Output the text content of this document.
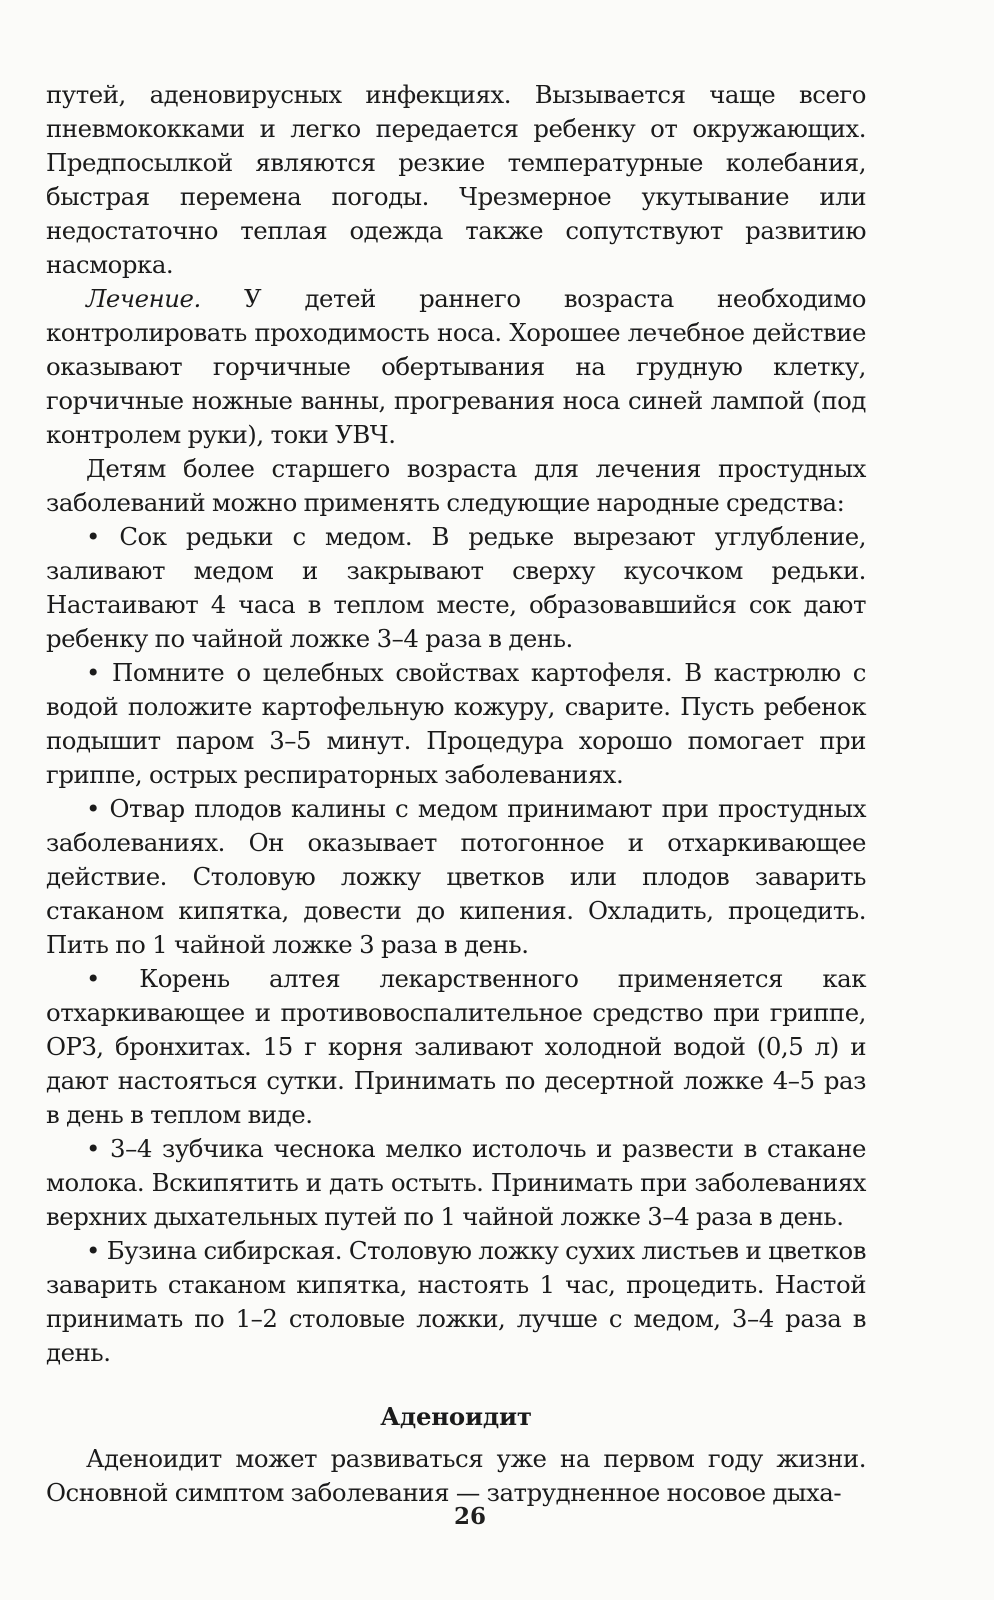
путей, аденовирусных инфекциях. Вызывается чаще всего пневмококками и легко передается ребенку от окружающих. Предпосылкой являются резкие температурные колебания, быстрая перемена погоды. Чрезмерное укутывание или недостаточно теплая одежда также сопутствуют развитию насморка.

Лечение. У детей раннего возраста необходимо контролировать проходимость носа. Хорошее лечебное действие оказывают горчичные обертывания на грудную клетку, горчичные ножные ванны, прогревания носа синей лампой (под контролем руки), токи УВЧ.

Детям более старшего возраста для лечения простудных заболеваний можно применять следующие народные средства:

• Сок редьки с медом. В редьке вырезают углубление, заливают медом и закрывают сверху кусочком редьки. Настаивают 4 часа в теплом месте, образовавшийся сок дают ребенку по чайной ложке 3–4 раза в день.

• Помните о целебных свойствах картофеля. В кастрюлю с водой положите картофельную кожуру, сварите. Пусть ребенок подышит паром 3–5 минут. Процедура хорошо помогает при гриппе, острых респираторных заболеваниях.

• Отвар плодов калины с медом принимают при простудных заболеваниях. Он оказывает потогонное и отхаркивающее действие. Столовую ложку цветков или плодов заварить стаканом кипятка, довести до кипения. Охладить, процедить. Пить по 1 чайной ложке 3 раза в день.

• Корень алтея лекарственного применяется как отхаркивающее и противовоспалительное средство при гриппе, ОРЗ, бронхитах. 15 г корня заливают холодной водой (0,5 л) и дают настояться сутки. Принимать по десертной ложке 4–5 раз в день в теплом виде.

• 3–4 зубчика чеснока мелко истолочь и развести в стакане молока. Вскипятить и дать остыть. Принимать при заболеваниях верхних дыхательных путей по 1 чайной ложке 3–4 раза в день.

• Бузина сибирская. Столовую ложку сухих листьев и цветков заварить стаканом кипятка, настоять 1 час, процедить. Настой принимать по 1–2 столовые ложки, лучше с медом, 3–4 раза в день.

Аденоидит

Аденоидит может развиваться уже на первом году жизни. Основной симптом заболевания — затрудненное носовое дыха-

26
